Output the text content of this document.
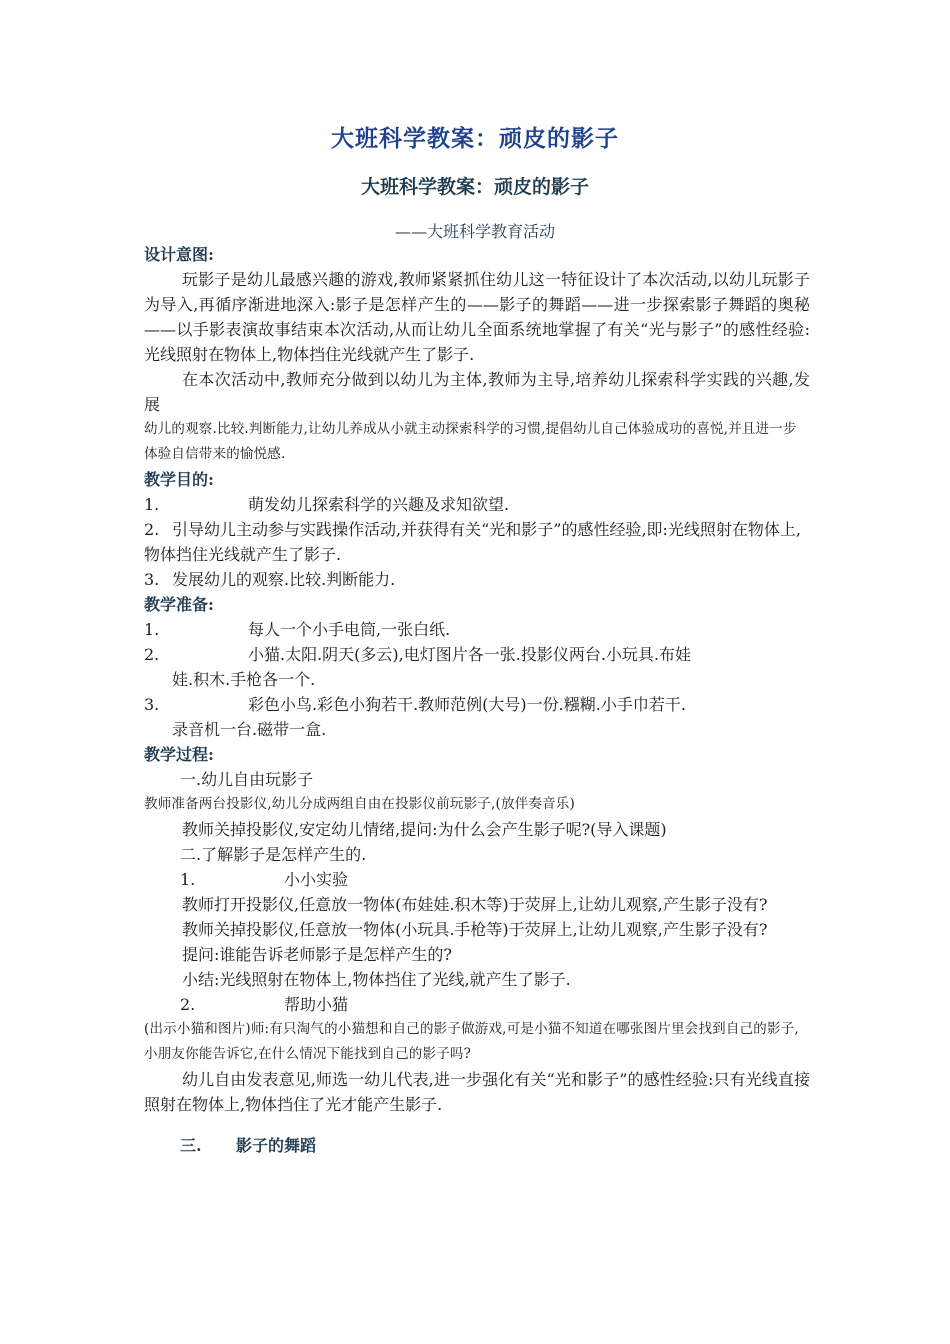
大班科学教案：顽皮的影子
大班科学教案：顽皮的影子
——大班科学教育活动
设计意图:

玩影子是幼儿最感兴趣的游戏,教师紧紧抓住幼儿这一特征设计了本次活动,以幼儿玩影子为导入,再循序渐进地深入:影子是怎样产生的——影子的舞蹈——进一步探索影子舞蹈的奥秘——以手影表演故事结束本次活动,从而让幼儿全面系统地掌握了有关“光与影子”的感性经验:光线照射在物体上,物体挡住光线就产生了影子.

在本次活动中,教师充分做到以幼儿为主体,教师为主导,培养幼儿探索科学实践的兴趣,发展

幼儿的观察.比较.判断能力,让幼儿养成从小就主动探索科学的习惯,提倡幼儿自己体验成功的喜悦,并且进一步体验自信带来的愉悦感.

教学目的:

1.	萌发幼儿探索科学的兴趣及求知欲望.

2. 引导幼儿主动参与实践操作活动,并获得有关“光和影子”的感性经验,即:光线照射在物体上,物体挡住光线就产生了影子.

3. 发展幼儿的观察.比较.判断能力.

教学准备:

1.	每人一个小手电筒,一张白纸.

2.	小猫.太阳.阴天(多云),电灯图片各一张.投影仪两台.小玩具.布娃

娃.积木.手枪各一个.

3.	彩色小鸟.彩色小狗若干.教师范例(大号)一份.糨糊.小手巾若干.

录音机一台.磁带一盒.

教学过程:

一.幼儿自由玩影子

教师准备两台投影仪,幼儿分成两组自由在投影仪前玩影子,(放伴奏音乐)

教师关掉投影仪,安定幼儿情绪,提问:为什么会产生影子呢?(导入课题)

二.了解影子是怎样产生的.

1.	小小实验

教师打开投影仪,任意放一物体(布娃娃.积木等)于荧屏上,让幼儿观察,产生影子没有?

教师关掉投影仪,任意放一物体(小玩具.手枪等)于荧屏上,让幼儿观察,产生影子没有?

提问:谁能告诉老师影子是怎样产生的?

小结:光线照射在物体上,物体挡住了光线,就产生了影子.

2.	帮助小猫

(出示小猫和图片)师:有只淘气的小猫想和自己的影子做游戏,可是小猫不知道在哪张图片里会找到自己的影子,小朋友你能告诉它,在什么情况下能找到自己的影子吗?

幼儿自由发表意见,师选一幼儿代表,进一步强化有关“光和影子”的感性经验:只有光线直接照射在物体上,物体挡住了光才能产生影子.

三. 影子的舞蹈
